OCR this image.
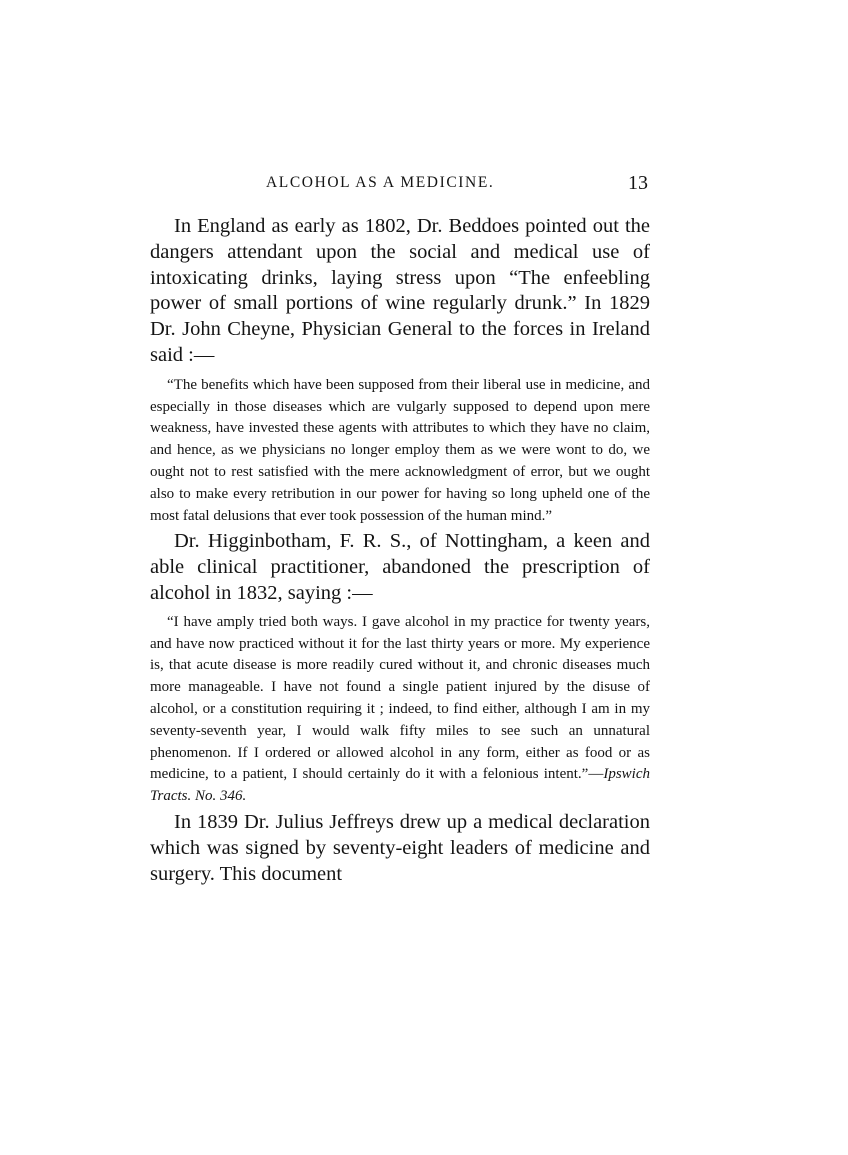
ALCOHOL AS A MEDICINE.	13

In England as early as 1802, Dr. Beddoes pointed out the dangers attendant upon the social and medical use of intoxicating drinks, laying stress upon “The enfeebling power of small portions of wine regularly drunk.” In 1829 Dr. John Cheyne, Physician General to the forces in Ireland said :—

“The benefits which have been supposed from their liberal use in medicine, and especially in those diseases which are vulgarly supposed to depend upon mere weakness, have invested these agents with attributes to which they have no claim, and hence, as we physicians no longer employ them as we were wont to do, we ought not to rest satisfied with the mere acknowledgment of error, but we ought also to make every retribution in our power for having so long upheld one of the most fatal delusions that ever took possession of the human mind.”

Dr. Higginbotham, F. R. S., of Nottingham, a keen and able clinical practitioner, abandoned the prescription of alcohol in 1832, saying :—

“I have amply tried both ways. I gave alcohol in my practice for twenty years, and have now practiced without it for the last thirty years or more. My experience is, that acute disease is more readily cured without it, and chronic diseases much more manageable. I have not found a single patient injured by the disuse of alcohol, or a constitution requiring it ; indeed, to find either, although I am in my seventy-seventh year, I would walk fifty miles to see such an unnatural phenomenon. If I ordered or allowed alcohol in any form, either as food or as medicine, to a patient, I should certainly do it with a felonious intent.”—Ipswich Tracts. No. 346.

In 1839 Dr. Julius Jeffreys drew up a medical declaration which was signed by seventy-eight leaders of medicine and surgery. This document
